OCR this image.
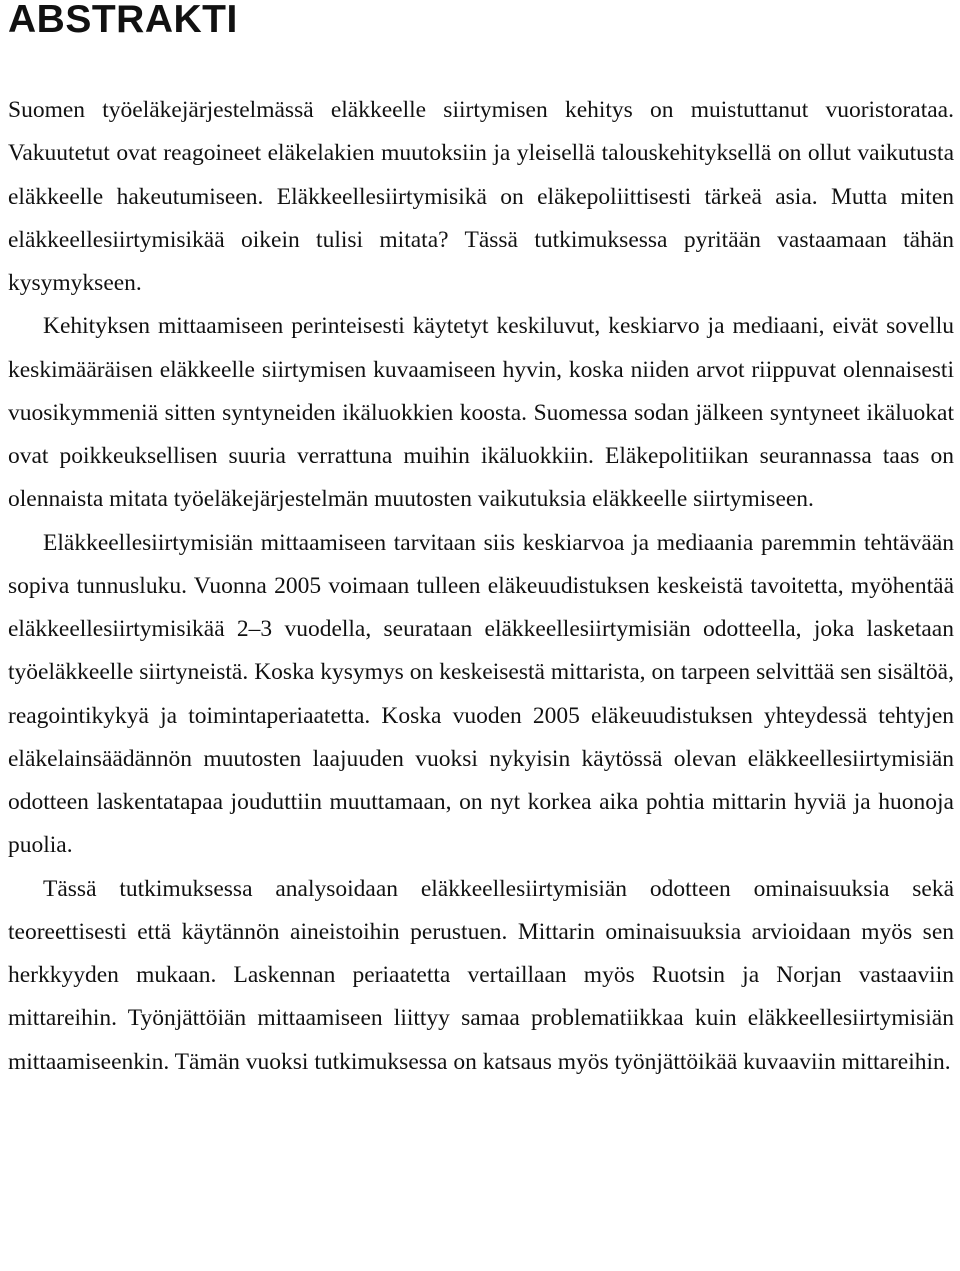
ABSTRAKTI

Suomen työeläkejärjestelmässä eläkkeelle siirtymisen kehitys on muistuttanut vuoristorataa. Vakuutetut ovat reagoineet eläkelakien muutoksiin ja yleisellä talouskehityksellä on ollut vaikutusta eläkkeelle hakeutumiseen. Eläkkeellesiirtymisikä on eläkepoliittisesti tärkeä asia. Mutta miten eläkkeellesiirtymisikää oikein tulisi mitata? Tässä tutkimuksessa pyritään vastaamaan tähän kysymykseen.

Kehityksen mittaamiseen perinteisesti käytetyt keskiluvut, keskiarvo ja mediaani, eivät sovellu keskimääräisen eläkkeelle siirtymisen kuvaamiseen hyvin, koska niiden arvot riippuvat olennaisesti vuosikymmeniä sitten syntyneiden ikäluokkien koosta. Suomessa sodan jälkeen syntyneet ikäluokat ovat poikkeuksellisen suuria verrattuna muihin ikäluokkiin. Eläkepolitiikan seurannassa taas on olennaista mitata työeläkejärjestelmän muutosten vaikutuksia eläkkeelle siirtymiseen.

Eläkkeellesiirtymisiän mittaamiseen tarvitaan siis keskiarvoa ja mediaania paremmin tehtävään sopiva tunnusluku. Vuonna 2005 voimaan tulleen eläkeuudistuksen keskeistä tavoitetta, myöhentää eläkkeellesiirtymisikää 2–3 vuodella, seurataan eläkkeellesiirtymisiän odotteella, joka lasketaan työeläkkeelle siirtyneistä. Koska kysymys on keskeisestä mittarista, on tarpeen selvittää sen sisältöä, reagointikykyä ja toimintaperiaatetta. Koska vuoden 2005 eläkeuudistuksen yhteydessä tehtyjen eläkelainsäädännön muutosten laajuuden vuoksi nykyisin käytössä olevan eläkkeellesiirtymisiän odotteen laskentatapaa jouduttiin muuttamaan, on nyt korkea aika pohtia mittarin hyviä ja huonoja puolia.

Tässä tutkimuksessa analysoidaan eläkkeellesiirtymisiän odotteen ominaisuuksia sekä teoreettisesti että käytännön aineistoihin perustuen. Mittarin ominaisuuksia arvioidaan myös sen herkkyyden mukaan. Laskennan periaatetta vertaillaan myös Ruotsin ja Norjan vastaaviin mittareihin. Työnjättöiän mittaamiseen liittyy samaa problematiikkaa kuin eläkkeellesiirtymisiän mittaamiseenkin. Tämän vuoksi tutkimuksessa on katsaus myös työnjättöikää kuvaaviin mittareihin.
